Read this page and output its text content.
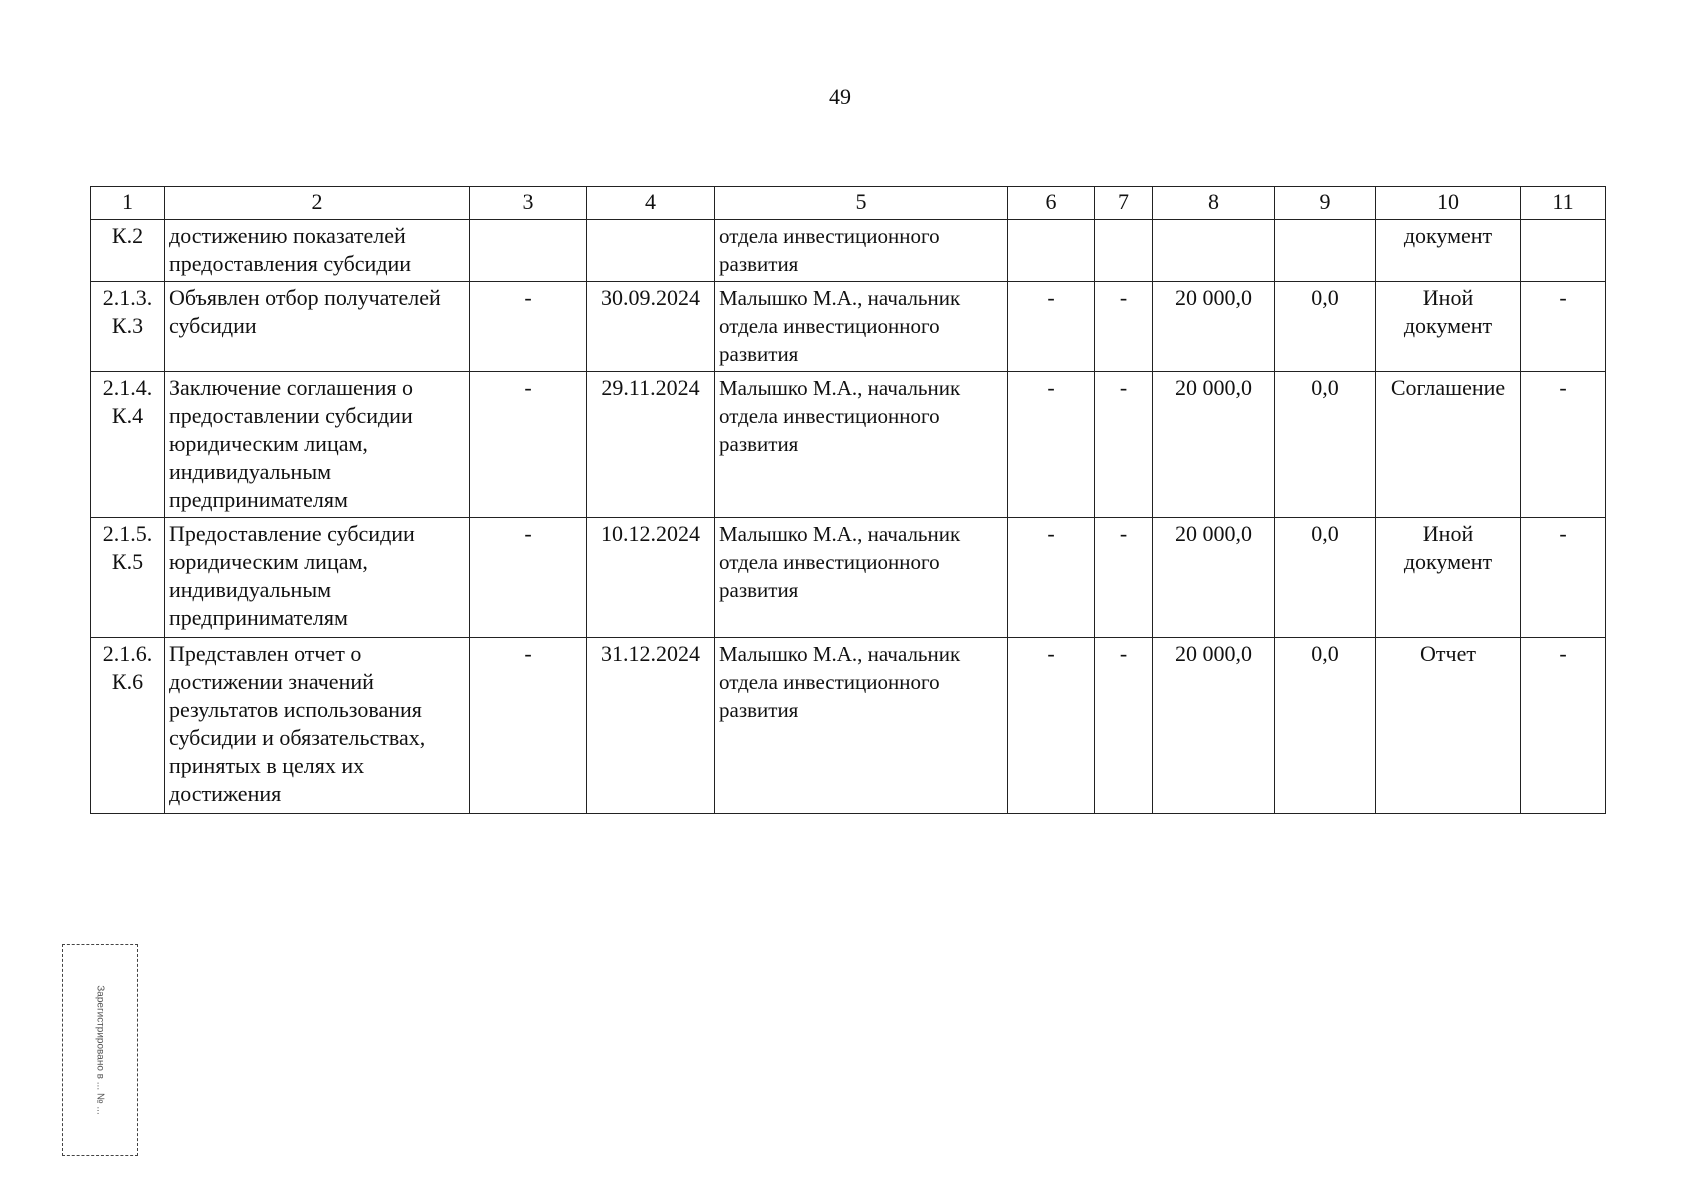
49
1	2	3	4	5	6	7	8	9	10	11
К.2	достижению показателей предоставления субсидии			отдела инвестиционного развития					документ	
2.1.3. К.3	Объявлен отбор получателей субсидии	-	30.09.2024	Малышко М.А., начальник отдела инвестиционного развития	-	-	20 000,0	0,0	Иной документ	-
2.1.4. К.4	Заключение соглашения о предоставлении субсидии юридическим лицам, индивидуальным предпринимателям	-	29.11.2024	Малышко М.А., начальник отдела инвестиционного развития	-	-	20 000,0	0,0	Соглашение	-
2.1.5. К.5	Предоставление субсидии юридическим лицам, индивидуальным предпринимателям	-	10.12.2024	Малышко М.А., начальник отдела инвестиционного развития	-	-	20 000,0	0,0	Иной документ	-
2.1.6. К.6	Представлен отчет о достижении значений результатов использования субсидии и обязательствах, принятых в целях их достижения	-	31.12.2024	Малышко М.А., начальник отдела инвестиционного развития	-	-	20 000,0	0,0	Отчет	-
Зарегистрировано в ... № ...
